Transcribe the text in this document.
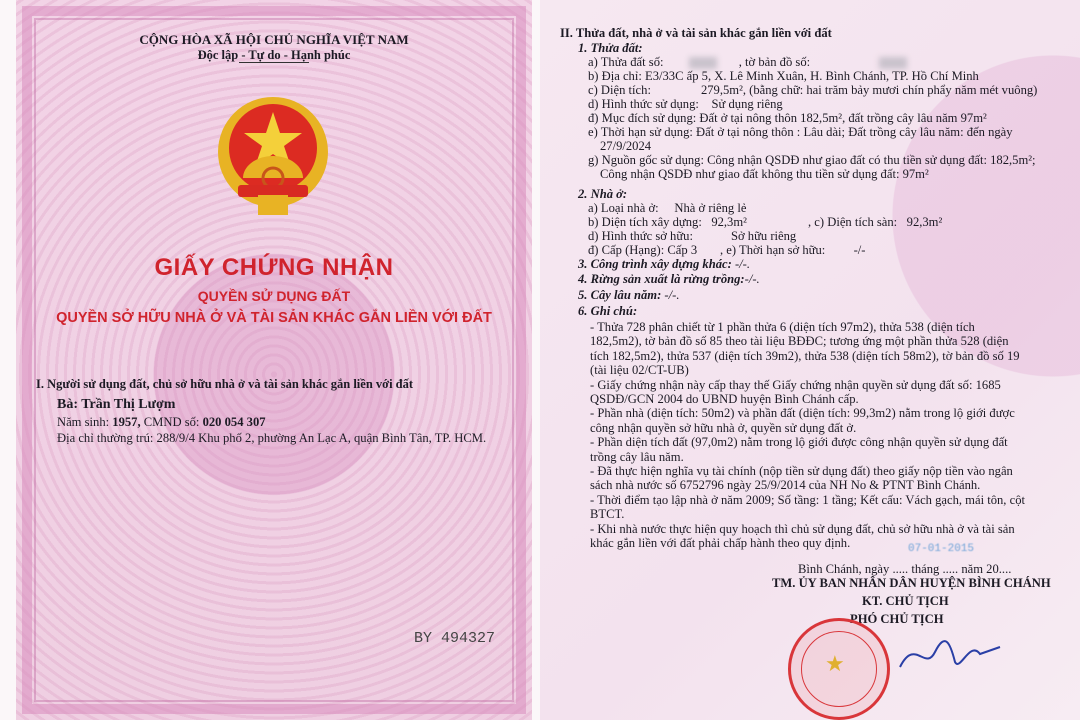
CỘNG HÒA XÃ HỘI CHỦ NGHĨA VIỆT NAM
Độc lập - Tự do - Hạnh phúc
GIẤY CHỨNG NHẬN
QUYỀN SỬ DỤNG ĐẤT
QUYỀN SỞ HỮU NHÀ Ở VÀ TÀI SẢN KHÁC GẮN LIỀN VỚI ĐẤT
I. Người sử dụng đất, chủ sở hữu nhà ở và tài sản khác gắn liền với đất
Bà: Trần Thị Lượm
Năm sinh: 1957, CMND số: 020 054 307
Địa chỉ thường trú: 288/9/4 Khu phố 2, phường An Lạc A, quận Bình Tân, TP. HCM.
BY 494327
II. Thửa đất, nhà ở và tài sản khác gắn liền với đất
1. Thửa đất:
a) Thửa đất số:	, tờ bản đồ số:
b) Địa chỉ: E3/33C ấp 5, X. Lê Minh Xuân, H. Bình Chánh, TP. Hồ Chí Minh
c) Diện tích:	279,5m², (bằng chữ: hai trăm bảy mươi chín phẩy năm mét vuông)
d) Hình thức sử dụng: Sử dụng riêng
đ) Mục đích sử dụng: Đất ở tại nông thôn 182,5m², đất trồng cây lâu năm 97m²
e) Thời hạn sử dụng: Đất ở tại nông thôn : Lâu dài; Đất trồng cây lâu năm: đến ngày
27/9/2024
g) Nguồn gốc sử dụng: Công nhận QSDĐ như giao đất có thu tiền sử dụng đất: 182,5m²;
Công nhận QSDĐ như giao đất không thu tiền sử dụng đất: 97m²
2. Nhà ở:
a) Loại nhà ở: Nhà ở riêng lẻ
b) Diện tích xây dựng: 92,3m²	, c) Diện tích sàn: 92,3m²
d) Hình thức sở hữu:	Sở hữu riêng
đ) Cấp (Hạng): Cấp 3 , e) Thời hạn sở hữu: -/-
3. Công trình xây dựng khác: -/-.
4. Rừng sản xuất là rừng trồng:-/-.
5. Cây lâu năm: -/-.
6. Ghi chú:
- Thửa 728 phân chiết từ 1 phần thửa 6 (diện tích 97m2), thửa 538 (diện tích
182,5m2), tờ bản đồ số 85 theo tài liệu BĐĐC; tương ứng một phần thửa 528 (diện
tích 182,5m2), thửa 537 (diện tích 39m2), thửa 538 (diện tích 58m2), tờ bản đồ số 19
(tài liệu 02/CT-UB)
- Giấy chứng nhận này cấp thay thế Giấy chứng nhận quyền sử dụng đất số: 1685
QSDĐ/GCN 2004 do UBND huyện Bình Chánh cấp.
- Phần nhà (diện tích: 50m2) và phần đất (diện tích: 99,3m2) nằm trong lộ giới được
công nhận quyền sở hữu nhà ở, quyền sử dụng đất ở.
- Phần diện tích đất (97,0m2) nằm trong lộ giới được công nhận quyền sử dụng đất
trồng cây lâu năm.
- Đã thực hiện nghĩa vụ tài chính (nộp tiền sử dụng đất) theo giấy nộp tiền vào ngân
sách nhà nước số 6752796 ngày 25/9/2014 của NH No & PTNT Bình Chánh.
- Thời điểm tạo lập nhà ở năm 2009; Số tầng: 1 tầng; Kết cấu: Vách gạch, mái tôn, cột
BTCT.
- Khi nhà nước thực hiện quy hoạch thì chủ sử dụng đất, chủ sở hữu nhà ở và tài sản
khác gắn liền với đất phải chấp hành theo quy định.	07-01-2015
Bình Chánh, ngày ..... tháng ..... năm 20....
TM. ỦY BAN NHÂN DÂN HUYỆN BÌNH CHÁNH
KT. CHỦ TỊCH
PHÓ CHỦ TỊCH
★
